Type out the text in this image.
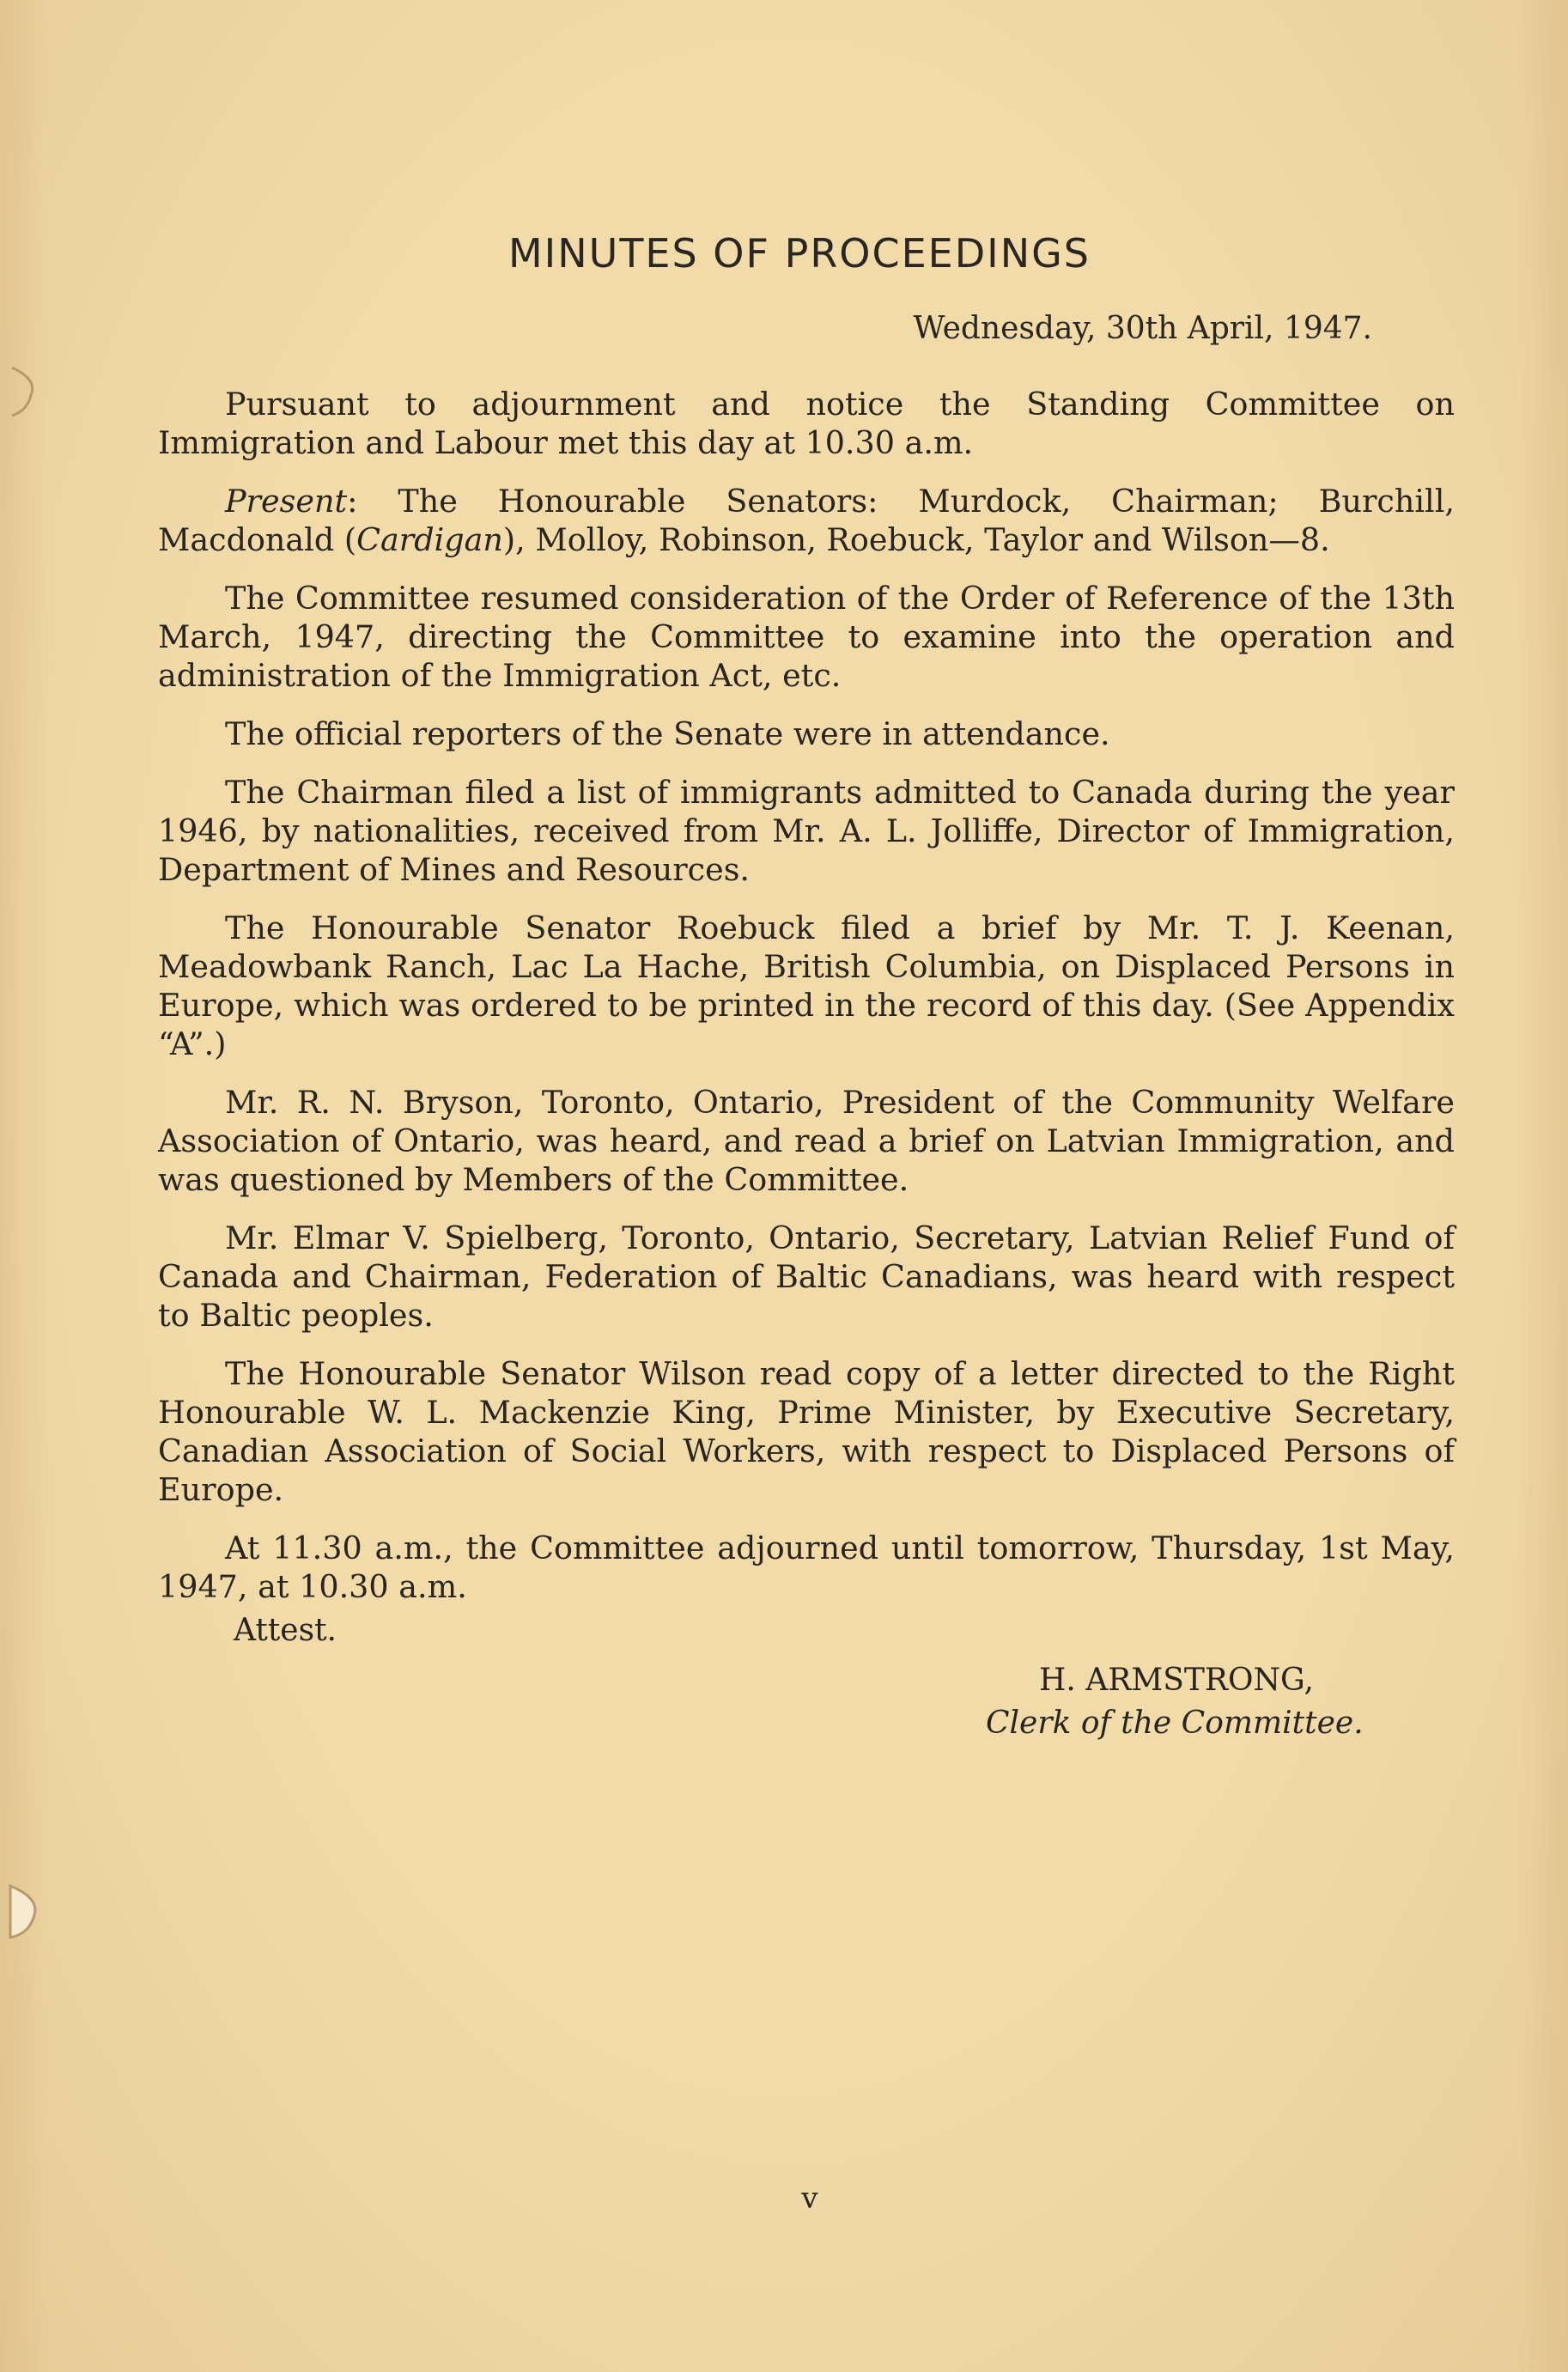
MINUTES OF PROCEEDINGS
Wednesday, 30th April, 1947.

Pursuant to adjournment and notice the Standing Committee on Immigration and Labour met this day at 10.30 a.m.

Present: The Honourable Senators: Murdock, Chairman; Burchill, Macdonald (Cardigan), Molloy, Robinson, Roebuck, Taylor and Wilson—8.

The Committee resumed consideration of the Order of Reference of the 13th March, 1947, directing the Committee to examine into the operation and administration of the Immigration Act, etc.

The official reporters of the Senate were in attendance.

The Chairman filed a list of immigrants admitted to Canada during the year 1946, by nationalities, received from Mr. A. L. Jolliffe, Director of Immigration, Department of Mines and Resources.

The Honourable Senator Roebuck filed a brief by Mr. T. J. Keenan, Meadowbank Ranch, Lac La Hache, British Columbia, on Displaced Persons in Europe, which was ordered to be printed in the record of this day. (See Appendix “A”.)

Mr. R. N. Bryson, Toronto, Ontario, President of the Community Welfare Association of Ontario, was heard, and read a brief on Latvian Immigration, and was questioned by Members of the Committee.

Mr. Elmar V. Spielberg, Toronto, Ontario, Secretary, Latvian Relief Fund of Canada and Chairman, Federation of Baltic Canadians, was heard with respect to Baltic peoples.

The Honourable Senator Wilson read copy of a letter directed to the Right Honourable W. L. Mackenzie King, Prime Minister, by Executive Secretary, Canadian Association of Social Workers, with respect to Displaced Persons of Europe.

At 11.30 a.m., the Committee adjourned until tomorrow, Thursday, 1st May, 1947, at 10.30 a.m.

Attest.
H. ARMSTRONG,
Clerk of the Committee.
v
